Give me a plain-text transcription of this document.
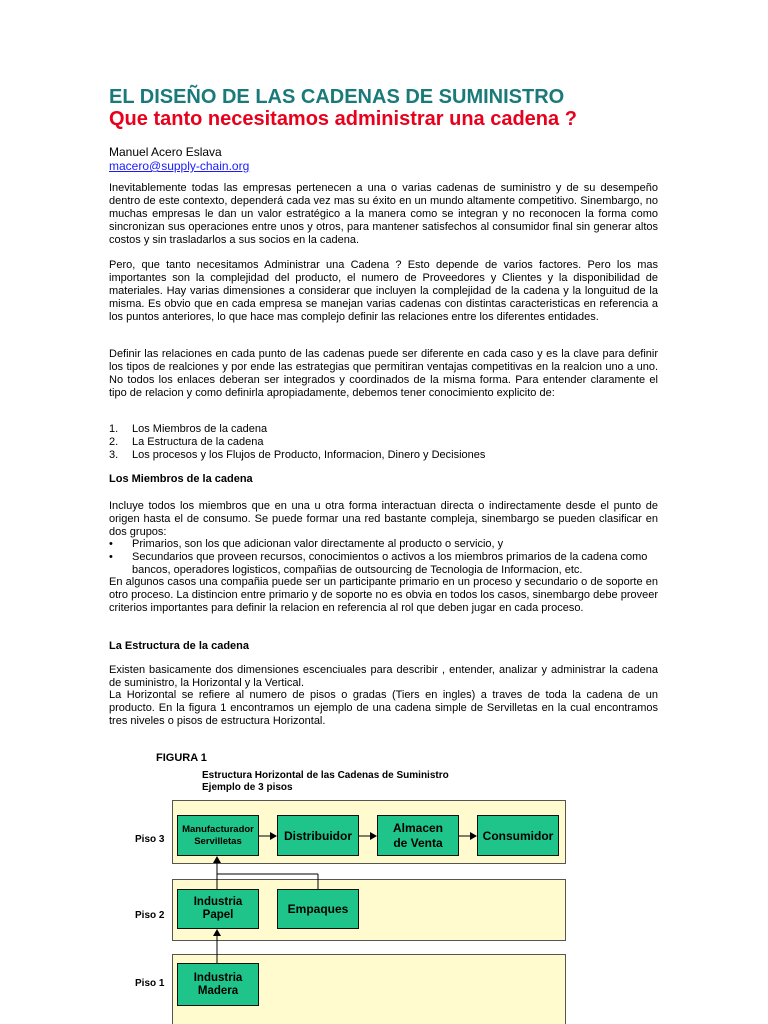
EL DISEÑO DE LAS CADENAS DE SUMINISTRO
Que tanto necesitamos administrar una cadena ?
Manuel Acero Eslava
macero@supply-chain.org

Inevitablemente todas las empresas pertenecen a una o varias cadenas de suministro y de su desempeño dentro de este contexto, dependerá cada vez mas su éxito en un mundo altamente competitivo. Sinembargo, no muchas empresas le dan un valor estratégico a la manera como se integran y no reconocen la forma como sincronizan sus operaciones entre unos y otros, para mantener satisfechos al consumidor final sin generar altos costos y sin trasladarlos a sus socios en la cadena.

Pero, que tanto necesitamos Administrar una Cadena ? Esto depende de varios factores. Pero los mas importantes son la complejidad del producto, el numero de Proveedores y Clientes y la disponibilidad de materiales. Hay varias dimensiones a considerar que incluyen la complejidad de la cadena y la longuitud de la misma. Es obvio que en cada empresa se manejan varias cadenas con distintas caracteristicas en referencia a los puntos anteriores, lo que hace mas complejo definir las relaciones entre los diferentes entidades.

Definir las relaciones en cada punto de las cadenas puede ser diferente en cada caso y es la clave para definir los tipos de realciones y por ende las estrategias que permitiran ventajas competitivas en la realcion uno a uno. No todos los enlaces deberan ser integrados y coordinados de la misma forma. Para entender claramente el tipo de relacion y como definirla apropiadamente, debemos tener conocimiento explicito de:

1. Los Miembros de la cadena
2. La Estructura de la cadena
3. Los procesos y los Flujos de Producto, Informacion, Dinero y Decisiones
Los Miembros de la cadena

Incluye todos los miembros que en una u otra forma interactuan directa o indirectamente desde el punto de origen hasta el de consumo. Se puede formar una red bastante compleja, sinembargo se pueden clasificar en dos grupos:

• Primarios, son los que adicionan valor directamente al producto o servicio, y
• Secundarios que proveen recursos, conocimientos o activos a los miembros primarios de la cadena como bancos, operadores logisticos, compañias de outsourcing de Tecnologia de Informacion, etc.

En algunos casos una compañia puede ser un participante primario en un proceso y secundario o de soporte en otro proceso. La distincion entre primario y de soporte no es obvia en todos los casos, sinembargo debe proveer criterios importantes para definir la relacion en referencia al rol que deben jugar en cada proceso.

La Estructura de la cadena

Existen basicamente dos dimensiones escenciuales para describir , entender, analizar y administrar la cadena de suministro, la Horizontal y la Vertical.

La Horizontal se refiere al numero de pisos o gradas (Tiers en ingles) a traves de toda la cadena de un producto. En la figura 1 encontramos un ejemplo de una cadena simple de Servilletas en la cual encontramos tres niveles o pisos de estructura Horizontal.

FIGURA 1
Estructura Horizontal de las Cadenas de Suministro
Ejemplo de 3 pisos
Piso 3
Piso 2
Piso 1
Manufacturador
Servilletas	Distribuidor
Almacen
de Venta	Consumidor
Industria
Papel	Empaques
Industria
Madera
